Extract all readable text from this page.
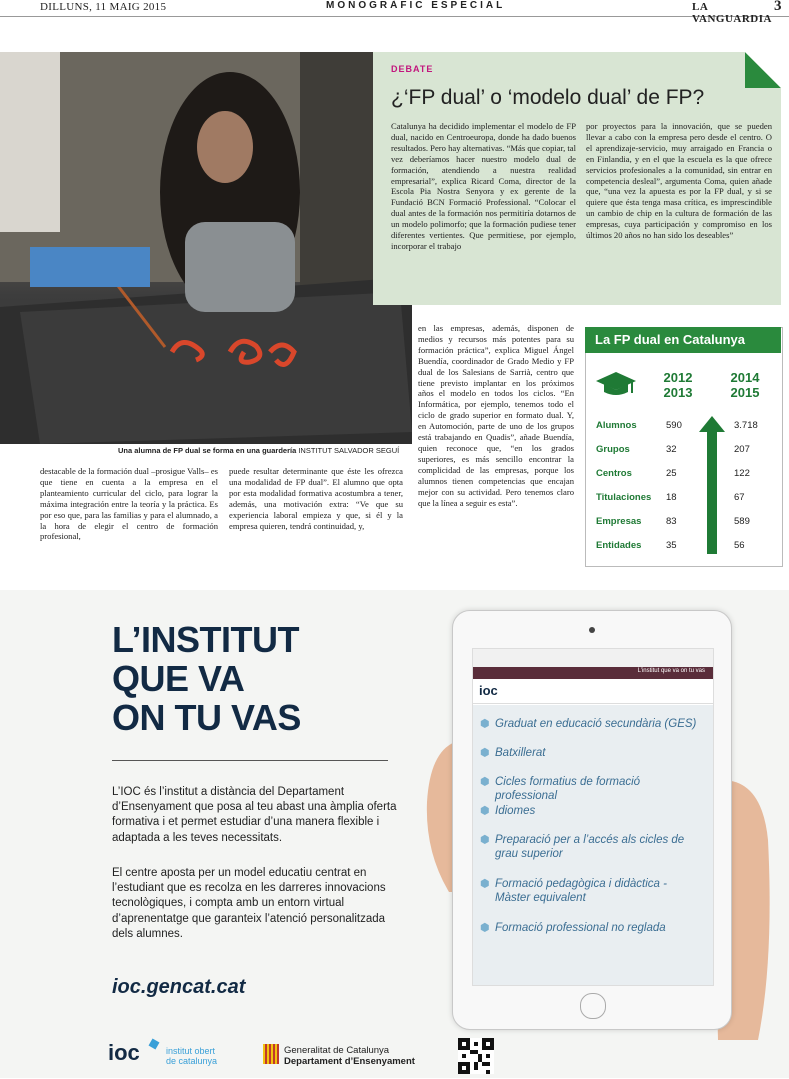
DILLUNS, 11 MAIG 2015	MONOGRÀFIC ESPECIAL	LA VANGUARDIA
3
Una alumna de FP dual se forma en una guardería INSTITUT SALVADOR SEGUÍ
DEBATE
¿‘FP dual’ o ‘modelo dual’ de FP?

Catalunya ha decidido implementar el modelo de FP dual, nacido en Centroeuropa, donde ha dado buenos resultados. Pero hay alternativas. “Más que copiar, tal vez deberíamos hacer nuestro modelo dual de formación, atendiendo a nuestra realidad empresarial”, explica Ricard Coma, director de la Escola Pia Nostra Senyora y ex gerente de la Fundació BCN Formació Professional. “Colocar el dual antes de la formación nos permitiría dotarnos de un modelo polimorfo; que la formación pudiese tener diferentes vertientes. Que permitiese, por ejemplo, incorporar el trabajo

por proyectos para la innovación, que se pueden llevar a cabo con la empresa pero desde el centro. O el aprendizaje-servicio, muy arraigado en Francia o en Finlandia, y en el que la escuela es la que ofrece servicios profesionales a la comunidad, sin entrar en competencia desleal”, argumenta Coma, quien añade que, “una vez la apuesta es por la FP dual, y si se quiere que ésta tenga masa crítica, es imprescindible un cambio de chip en la cultura de formación de las empresas, cuya participación y compromiso en los últimos 20 años no han sido los deseables”

destacable de la formación dual –prosigue Valls– es que tiene en cuenta a la empresa en el planteamiento curricular del ciclo, para lograr la máxima integración entre la teoría y la práctica. Es por eso que, para las familias y para el alumnado, a la hora de elegir el centro de formación profesional,

puede resultar determinante que éste les ofrezca una modalidad de FP dual”. El alumno que opta por esta modalidad formativa acostumbra a tener, además, una motivación extra: “Ve que su experiencia laboral empieza y que, si él y la empresa quieren, tendrá continuidad, y,

en las empresas, además, disponen de medios y recursos más potentes para su formación práctica”, explica Miguel Ángel Buendía, coordinador de Grado Medio y FP dual de los Salesians de Sarrià, centro que tiene previsto implantar en los próximos años el modelo en todos los ciclos. “En Informática, por ejemplo, tenemos todo el ciclo de grado superior en formato dual. Y, en Automoción, parte de uno de los grupos está trabajando en Quadis”, añade Buendía, quien reconoce que, “en los grados superiores, es más sencillo encontrar la complicidad de las empresas, porque los alumnos tienen competencias que encajan mejor con su actividad. Pero tenemos claro que la línea a seguir es esta”.

La FP dual en Catalunya
2012
2013
2014
2015
Alumnos	590	3.718
Grupos	32	207
Centros	25	122
Titulaciones 18	67
Empresas	83	589
Entidades	35	56
L’INSTITUT
QUE VA
ON TU VAS
L’IOC és l’institut a distància del Departament d’Ensenyament que posa al teu abast una àmplia oferta formativa i et permet estudiar d’una manera flexible i adaptada a les teves necessitats.
El centre aposta per un model educatiu centrat en l’estudiant que es recolza en les darreres innovacions tecnològiques, i compta amb un entorn virtual d’aprenentatge que garanteix l’atenció personalitzada dels alumnes.
ioc.gencat.cat
L’institut que va on tu vas
ioc
⬢ Graduat en educació secundària (GES)
⬢ Batxillerat
⬢ Cicles formatius de formació professional
⬢ Idiomes
⬢ Preparació per a l’accés als cicles de grau superior
⬢ Formació pedagògica i didàctica - Màster equivalent
⬢ Formació professional no reglada
ioc	institut obert
de catalunya
Generalitat de Catalunya
Departament d’Ensenyament
